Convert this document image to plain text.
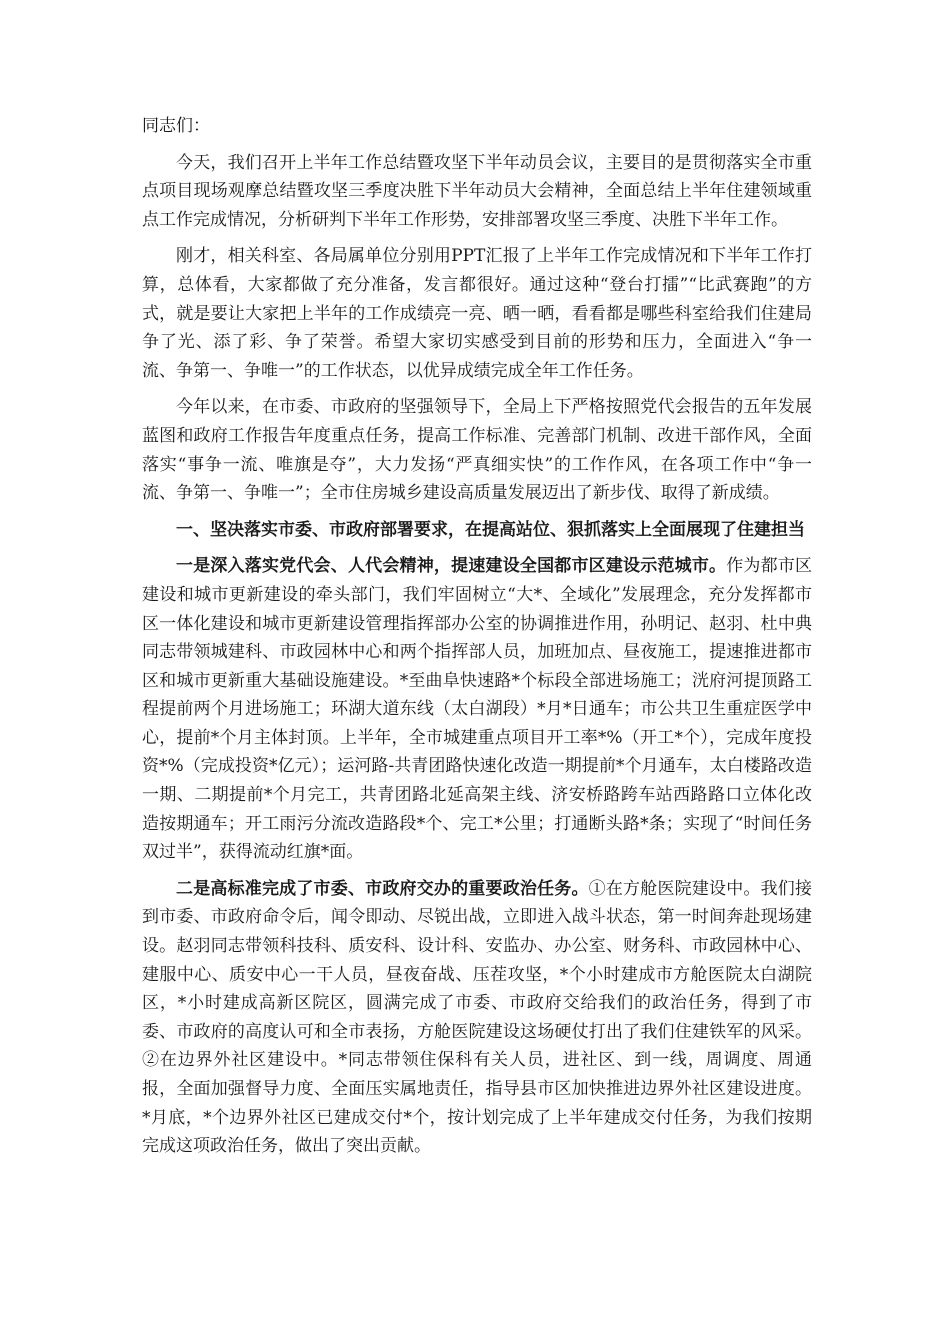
同志们：

今天，我们召开上半年工作总结暨攻坚下半年动员会议，主要目的是贯彻落实全市重点项目现场观摩总结暨攻坚三季度决胜下半年动员大会精神，全面总结上半年住建领域重点工作完成情况，分析研判下半年工作形势，安排部署攻坚三季度、决胜下半年工作。

刚才，相关科室、各局属单位分别用PPT汇报了上半年工作完成情况和下半年工作打算，总体看，大家都做了充分准备，发言都很好。通过这种“登台打擂”“比武赛跑”的方式，就是要让大家把上半年的工作成绩亮一亮、晒一晒，看看都是哪些科室给我们住建局争了光、添了彩、争了荣誉。希望大家切实感受到目前的形势和压力，全面进入“争一流、争第一、争唯一”的工作状态，以优异成绩完成全年工作任务。

今年以来，在市委、市政府的坚强领导下，全局上下严格按照党代会报告的五年发展蓝图和政府工作报告年度重点任务，提高工作标准、完善部门机制、改进干部作风，全面落实“事争一流、唯旗是夺”，大力发扬“严真细实快”的工作作风，在各项工作中“争一流、争第一、争唯一”；全市住房城乡建设高质量发展迈出了新步伐、取得了新成绩。

一、坚决落实市委、市政府部署要求，在提高站位、狠抓落实上全面展现了住建担当

一是深入落实党代会、人代会精神，提速建设全国都市区建设示范城市。作为都市区建设和城市更新建设的牵头部门，我们牢固树立“大*、全域化”发展理念，充分发挥都市区一体化建设和城市更新建设管理指挥部办公室的协调推进作用，孙明记、赵羽、杜中典同志带领城建科、市政园林中心和两个指挥部人员，加班加点、昼夜施工，提速推进都市区和城市更新重大基础设施建设。*至曲阜快速路*个标段全部进场施工；洸府河提顶路工程提前两个月进场施工；环湖大道东线（太白湖段）*月*日通车；市公共卫生重症医学中心，提前*个月主体封顶。上半年，全市城建重点项目开工率*%（开工*个），完成年度投资*%（完成投资*亿元）；运河路-共青团路快速化改造一期提前*个月通车，太白楼路改造一期、二期提前*个月完工，共青团路北延高架主线、济安桥路跨车站西路路口立体化改造按期通车；开工雨污分流改造路段*个、完工*公里；打通断头路*条；实现了“时间任务双过半”，获得流动红旗*面。

二是高标准完成了市委、市政府交办的重要政治任务。①在方舱医院建设中。我们接到市委、市政府命令后，闻令即动、尽锐出战，立即进入战斗状态，第一时间奔赴现场建设。赵羽同志带领科技科、质安科、设计科、安监办、办公室、财务科、市政园林中心、建服中心、质安中心一干人员，昼夜奋战、压茬攻坚，*个小时建成市方舱医院太白湖院区，*小时建成高新区院区，圆满完成了市委、市政府交给我们的政治任务，得到了市委、市政府的高度认可和全市表扬，方舱医院建设这场硬仗打出了我们住建铁军的风采。②在边界外社区建设中。*同志带领住保科有关人员，进社区、到一线，周调度、周通报，全面加强督导力度、全面压实属地责任，指导县市区加快推进边界外社区建设进度。*月底，*个边界外社区已建成交付*个，按计划完成了上半年建成交付任务，为我们按期完成这项政治任务，做出了突出贡献。
